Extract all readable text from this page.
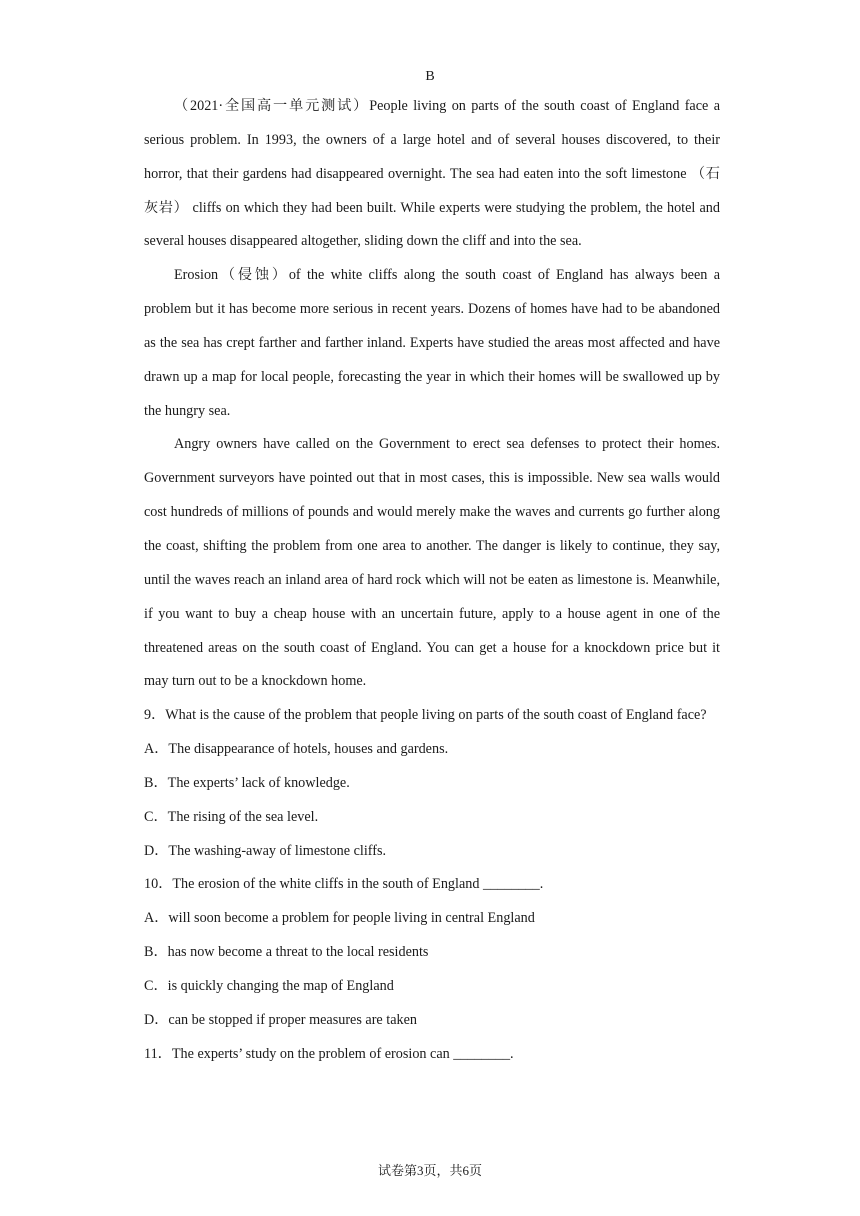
B

（2021·全国高一单元测试）People living on parts of the south coast of England face a serious problem. In 1993, the owners of a large hotel and of several houses discovered, to their horror, that their gardens had disappeared overnight. The sea had eaten into the soft limestone （石灰岩） cliffs on which they had been built. While experts were studying the problem, the hotel and several houses disappeared altogether, sliding down the cliff and into the sea.

Erosion（侵蚀）of the white cliffs along the south coast of England has always been a problem but it has become more serious in recent years. Dozens of homes have had to be abandoned as the sea has crept farther and farther inland. Experts have studied the areas most affected and have drawn up a map for local people, forecasting the year in which their homes will be swallowed up by the hungry sea.

Angry owners have called on the Government to erect sea defenses to protect their homes. Government surveyors have pointed out that in most cases, this is impossible. New sea walls would cost hundreds of millions of pounds and would merely make the waves and currents go further along the coast, shifting the problem from one area to another. The danger is likely to continue, they say, until the waves reach an inland area of hard rock which will not be eaten as limestone is. Meanwhile, if you want to buy a cheap house with an uncertain future, apply to a house agent in one of the threatened areas on the south coast of England. You can get a house for a knockdown price but it may turn out to be a knockdown home.

9．What is the cause of the problem that people living on parts of the south coast of England face?

A．The disappearance of hotels, houses and gardens.

B．The experts’ lack of knowledge.

C．The rising of the sea level.

D．The washing-away of limestone cliffs.

10．The erosion of the white cliffs in the south of England ________.

A．will soon become a problem for people living in central England

B．has now become a threat to the local residents

C．is quickly changing the map of England

D．can be stopped if proper measures are taken

11．The experts’ study on the problem of erosion can ________.

试卷第3页，共6页
